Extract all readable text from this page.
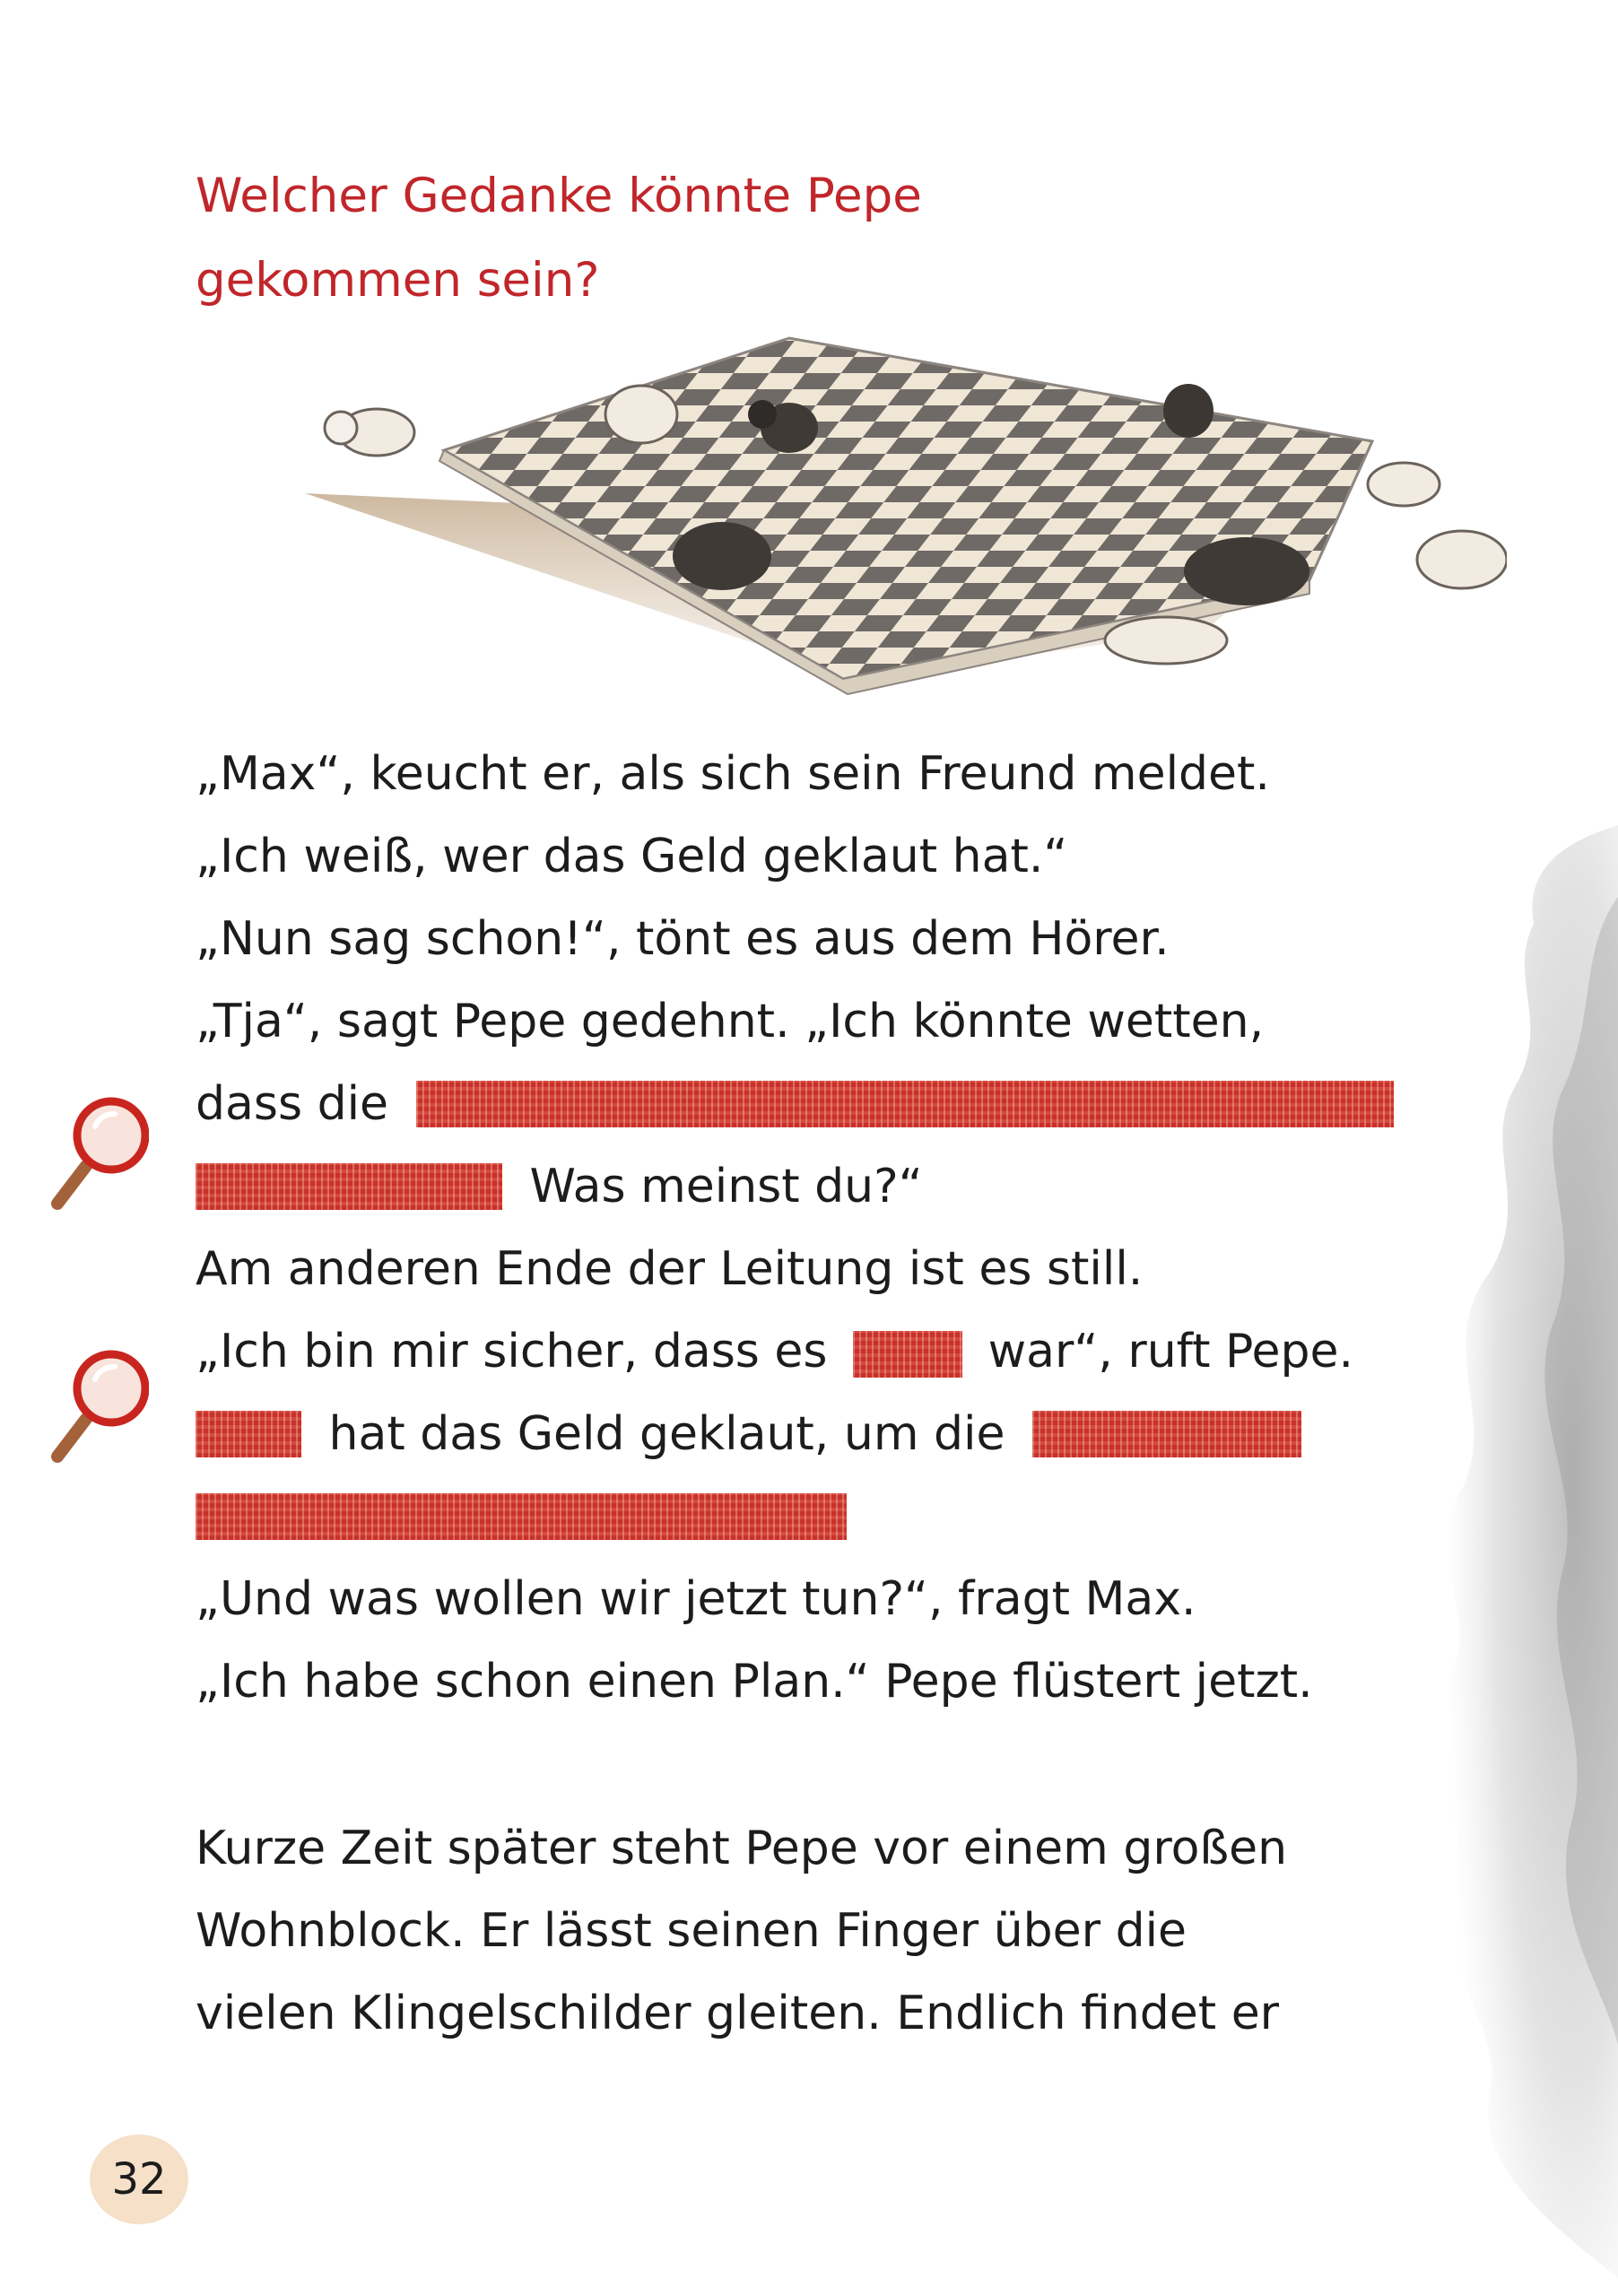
Welcher Gedanke könnte Pepe
gekommen sein?
„Max“, keucht er, als sich sein Freund meldet.
„Ich weiß, wer das Geld geklaut hat.“
„Nun sag schon!“, tönt es aus dem Hörer.
„Tja“, sagt Pepe gedehnt. „Ich könnte wetten,
dass die
Was meinst du?“
Am anderen Ende der Leitung ist es still.
„Ich bin mir sicher, dass es	war“, ruft Pepe.
hat das Geld geklaut, um die
„Und was wollen wir jetzt tun?“, fragt Max.
„Ich habe schon einen Plan.“ Pepe flüstert jetzt.
Kurze Zeit später steht Pepe vor einem großen
Wohnblock. Er lässt seinen Finger über die
vielen Klingelschilder gleiten. Endlich findet er
32
